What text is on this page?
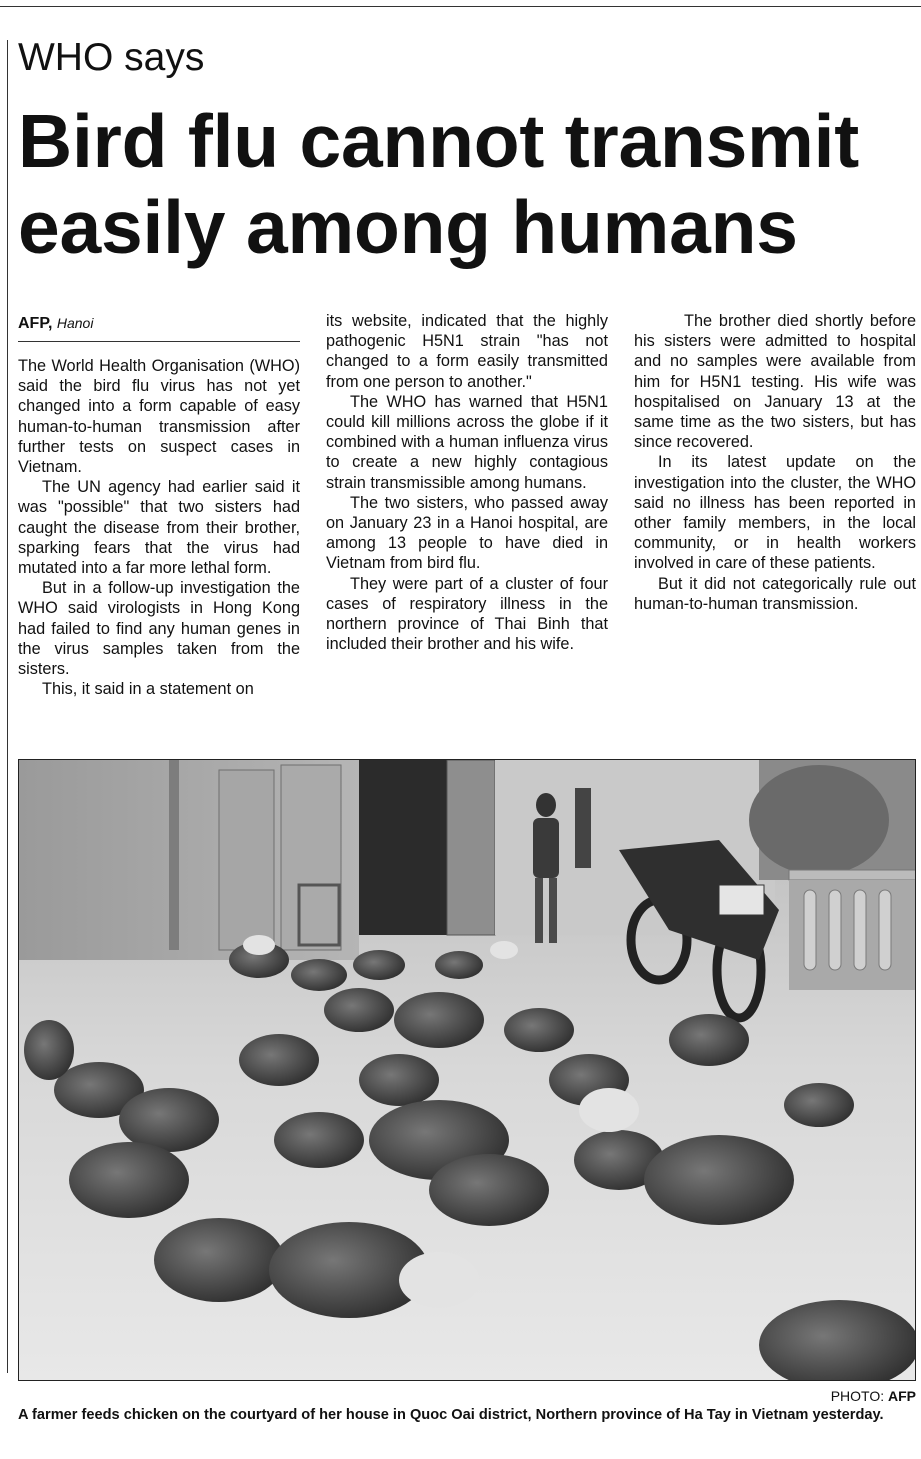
WHO says
Bird flu cannot transmit
easily among humans
AFP, Hanoi

The World Health Organisation (WHO) said the bird flu virus has not yet changed into a form capable of easy human-to-human transmission after further tests on suspect cases in Vietnam.

The UN agency had earlier said it was "possible" that two sisters had caught the disease from their brother, sparking fears that the virus had mutated into a far more lethal form.

But in a follow-up investigation the WHO said virologists in Hong Kong had failed to find any human genes in the virus samples taken from the sisters.

This, it said in a statement on

its website, indicated that the highly pathogenic H5N1 strain "has not changed to a form easily transmitted from one person to another."

The WHO has warned that H5N1 could kill millions across the globe if it combined with a human influenza virus to create a new highly contagious strain transmissible among humans.

The two sisters, who passed away on January 23 in a Hanoi hospital, are among 13 people to have died in Vietnam from bird flu.

They were part of a cluster of four cases of respiratory illness in the northern province of Thai Binh that included their brother and his wife.

The brother died shortly before his sisters were admitted to hospital and no samples were available from him for H5N1 testing. His wife was hospitalised on January 13 at the same time as the two sisters, but has since recovered.

In its latest update on the investigation into the cluster, the WHO said no illness has been reported in other family members, in the local community, or in health workers involved in care of these patients.

But it did not categorically rule out human-to-human transmission.

PHOTO: AFP
A farmer feeds chicken on the courtyard of her house in Quoc Oai district, Northern province of Ha Tay in Vietnam yesterday.
